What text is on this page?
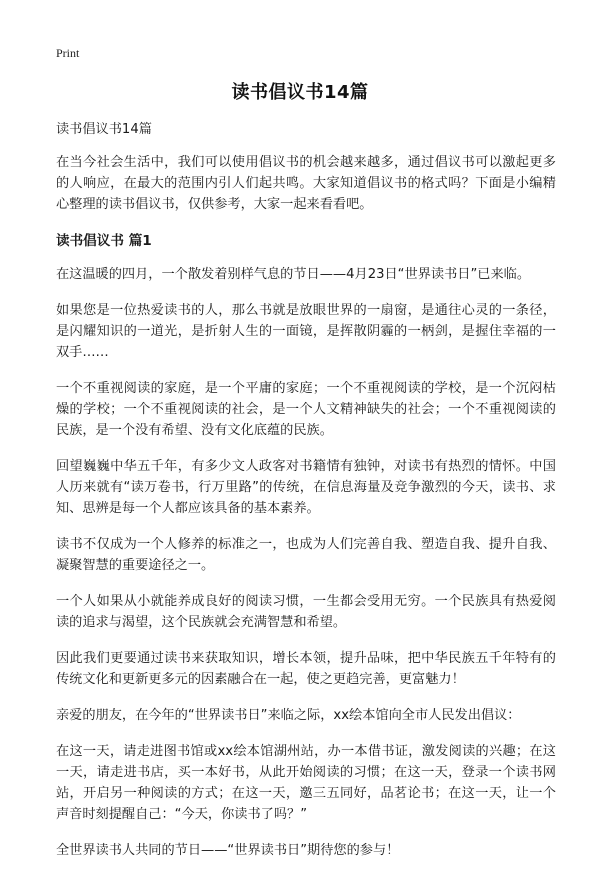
Print
读书倡议书14篇

读书倡议书14篇

在当今社会生活中，我们可以使用倡议书的机会越来越多，通过倡议书可以激起更多的人响应，在最大的范围内引人们起共鸣。大家知道倡议书的格式吗？下面是小编精心整理的读书倡议书，仅供参考，大家一起来看看吧。

读书倡议书 篇1

在这温暖的四月，一个散发着别样气息的节日——4月23日“世界读书日”已来临。

如果您是一位热爱读书的人，那么书就是放眼世界的一扇窗，是通往心灵的一条径，是闪耀知识的一道光，是折射人生的一面镜，是挥散阴霾的一柄剑，是握住幸福的一双手……

一个不重视阅读的家庭，是一个平庸的家庭；一个不重视阅读的学校，是一个沉闷枯燥的学校；一个不重视阅读的社会，是一个人文精神缺失的社会；一个不重视阅读的民族，是一个没有希望、没有文化底蕴的民族。

回望巍巍中华五千年，有多少文人政客对书籍情有独钟，对读书有热烈的情怀。中国人历来就有“读万卷书，行万里路”的传统，在信息海量及竞争激烈的今天，读书、求知、思辨是每一个人都应该具备的基本素养。

读书不仅成为一个人修养的标准之一，也成为人们完善自我、塑造自我、提升自我、凝聚智慧的重要途径之一。

一个人如果从小就能养成良好的阅读习惯，一生都会受用无穷。一个民族具有热爱阅读的追求与渴望，这个民族就会充满智慧和希望。

因此我们更要通过读书来获取知识，增长本领，提升品味，把中华民族五千年特有的传统文化和更新更多元的因素融合在一起，使之更趋完善，更富魅力！

亲爱的朋友，在今年的“世界读书日”来临之际，xx绘本馆向全市人民发出倡议：

在这一天，请走进图书馆或xx绘本馆湖州站，办一本借书证，激发阅读的兴趣；在这一天，请走进书店，买一本好书，从此开始阅读的习惯；在这一天，登录一个读书网站，开启另一种阅读的方式；在这一天，邀三五同好，品茗论书；在这一天，让一个声音时刻提醒自己：“今天，你读书了吗？”

全世界读书人共同的节日——“世界读书日”期待您的参与！
